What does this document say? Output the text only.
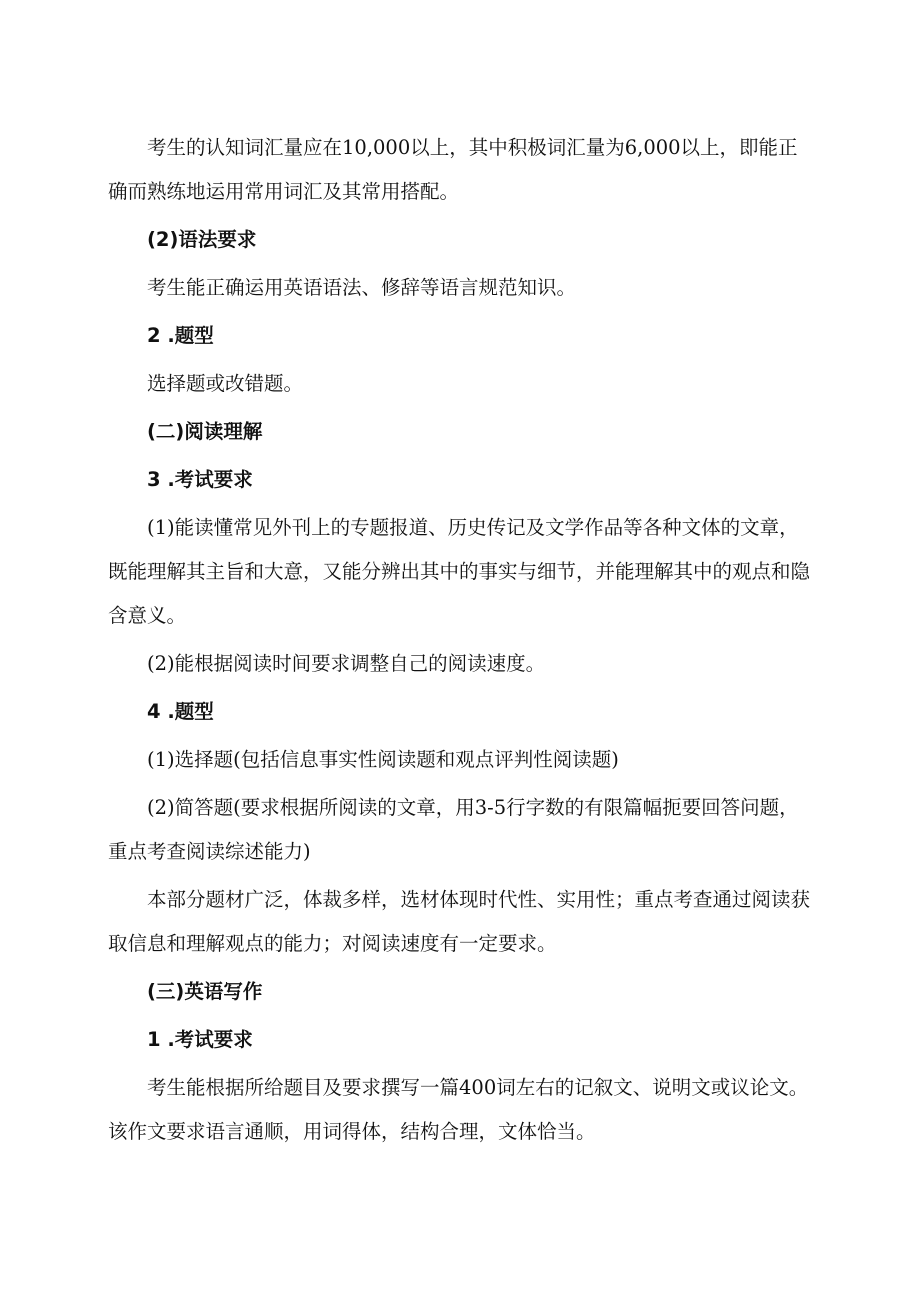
考生的认知词汇量应在10,000以上，其中积极词汇量为6,000以上，即能正确而熟练地运用常用词汇及其常用搭配。

(2)语法要求

考生能正确运用英语语法、修辞等语言规范知识。

2 .题型

选择题或改错题。

(二)阅读理解

3 .考试要求

(1)能读懂常见外刊上的专题报道、历史传记及文学作品等各种文体的文章，既能理解其主旨和大意，又能分辨出其中的事实与细节，并能理解其中的观点和隐含意义。

(2)能根据阅读时间要求调整自己的阅读速度。

4 .题型

(1)选择题(包括信息事实性阅读题和观点评判性阅读题)

(2)简答题(要求根据所阅读的文章，用3-5行字数的有限篇幅扼要回答问题，重点考查阅读综述能力)

本部分题材广泛，体裁多样，选材体现时代性、实用性；重点考查通过阅读获取信息和理解观点的能力；对阅读速度有一定要求。

(三)英语写作

1 .考试要求

考生能根据所给题目及要求撰写一篇400词左右的记叙文、说明文或议论文。该作文要求语言通顺，用词得体，结构合理，文体恰当。
